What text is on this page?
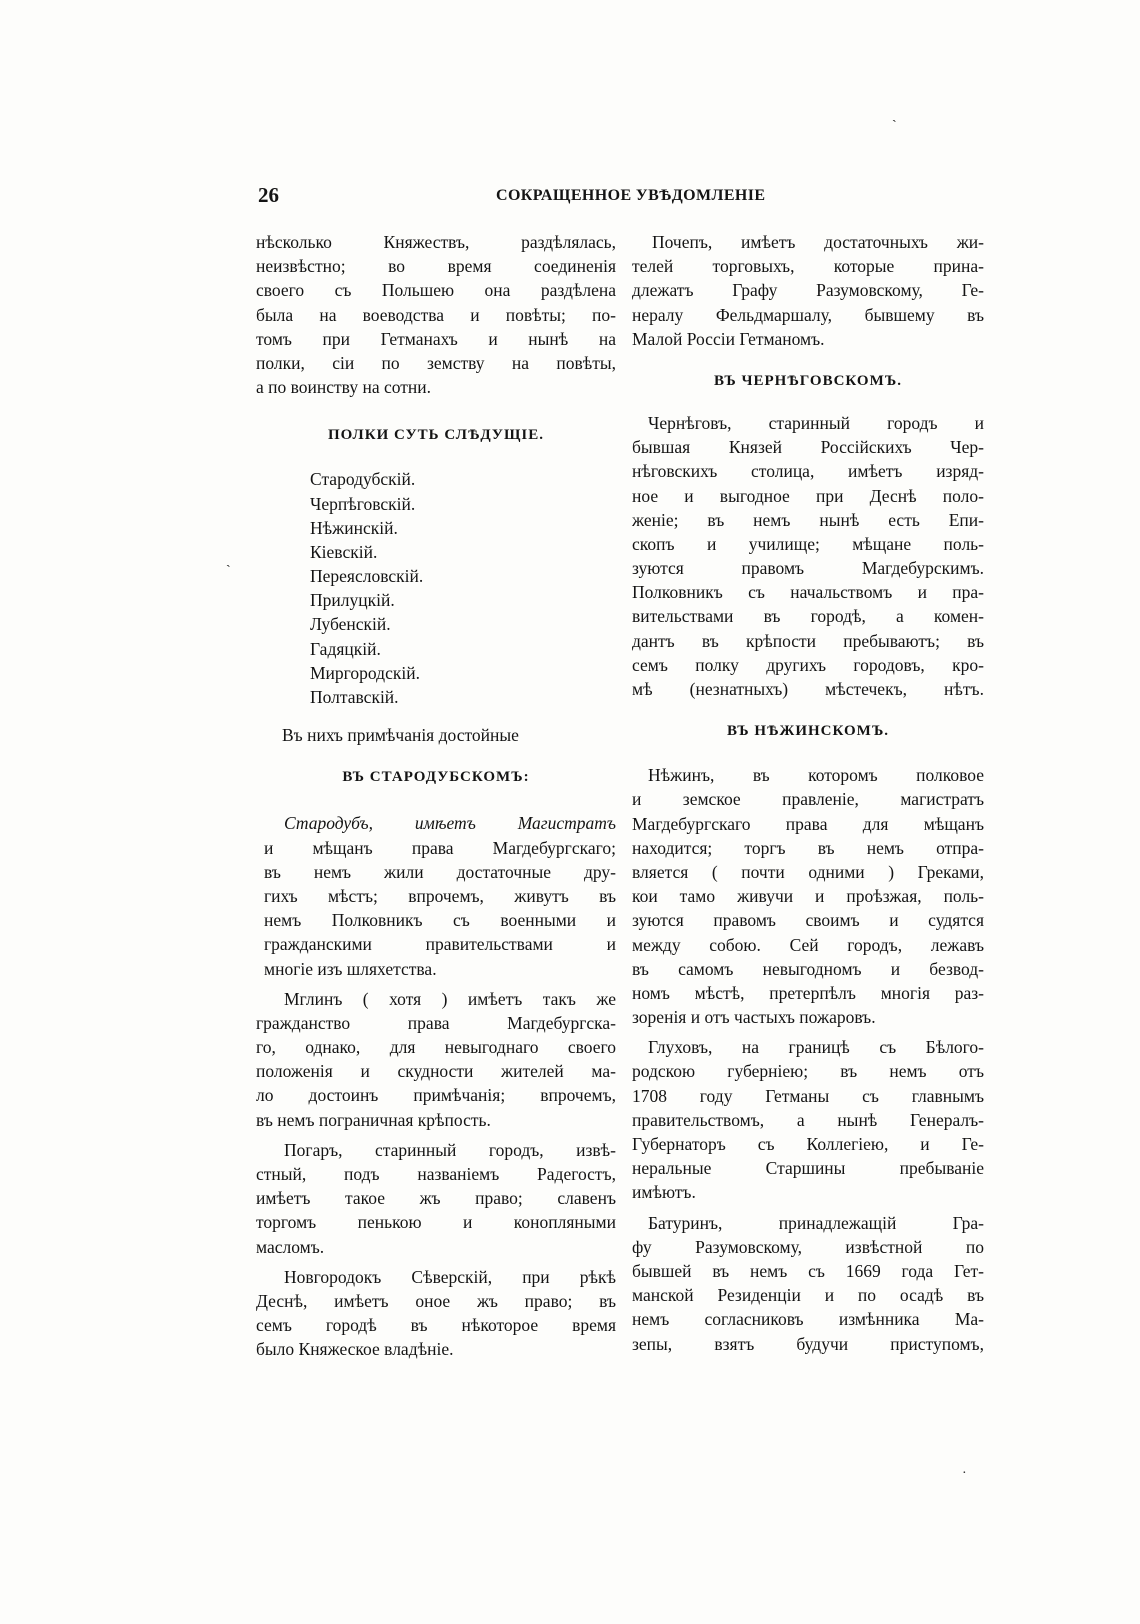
ˏ
ˏ
·
26	СОКРАЩЕННОЕ УВѢДОМЛЕНІЕ
нѣсколько Княжествъ, раздѣлялась,
неизвѣстно; во время соединенія
своего съ Польшею она раздѣлена
была на воеводства и повѣты; по-
томъ при Гетманахъ и нынѣ на
полки, сіи по земству на повѣты,
а по воинству на сотни.
ПОЛКИ СУТЬ СЛѢДУЩІЕ.
Стародубскій.
Черпѣговскій.
Нѣжинскій.
Кіевскій.
Переясловскій.
Прилуцкій.
Лубенскій.
Гадяцкій.
Миргородскій.
Полтавскій.
Въ нихъ примѣчанія достойные
ВЪ СТАРОДУБСКОМЪ:
Стародубъ, имѣетъ Магистратъ
и мѣщанъ права Магдебургскаго;
въ немъ жили достаточные дру-
гихъ мѣстъ; впрочемъ, живутъ въ
немъ Полковникъ съ военными и
гражданскими правительствами и
многіе изъ шляхетства.
Мглинъ ( хотя ) имѣетъ такъ же
гражданство права Магдебургска-
го, однако, для невыгоднаго своего
положенія и скудности жителей ма-
ло достоинъ примѣчанія; впрочемъ,
въ немъ пограничная крѣпость.
Погаръ, старинный городъ, извѣ-
стный, подъ названіемъ Радегостъ,
имѣетъ такое жъ право; славенъ
торгомъ пенькою и конопляными
масломъ.
Новгородокъ Сѣверскій, при рѣкѣ
Деснѣ, имѣетъ оное жъ право; въ
семъ городѣ въ нѣкоторое время
было Княжеское владѣніе.
Почепъ, имѣетъ достаточныхъ жи-
телей торговыхъ, которые прина-
длежатъ Графу Разумовскому, Ге-
нералу Фельдмаршалу, бывшему въ
Малой Россіи Гетманомъ.
ВЪ ЧЕРНѢГОВСКОМЪ.
Чернѣговъ, старинный городъ и
бывшая Князей Россійскихъ Чер-
нѣговскихъ столица, имѣетъ изряд-
ное и выгодное при Деснѣ поло-
женіе; въ немъ нынѣ есть Епи-
скопъ и училище; мѣщане поль-
зуются правомъ Магдебурскимъ.
Полковникъ съ начальствомъ и пра-
вительствами въ городѣ, а комен-
дантъ въ крѣпости пребываютъ; въ
семъ полку другихъ городовъ, кро-
мѣ (незнатныхъ) мѣстечекъ, нѣтъ.
ВЪ НѢЖИНСКОМЪ.
Нѣжинъ, въ которомъ полковое
и земское правленіе, магистратъ
Магдебургскаго права для мѣщанъ
находится; торгъ въ немъ отпра-
вляется ( почти одними ) Греками,
кои тамо живучи и проѣзжая, поль-
зуются правомъ своимъ и судятся
между собою. Сей городъ, лежавъ
въ самомъ невыгодномъ и безвод-
номъ мѣстѣ, претерпѣлъ многія раз-
зоренія и отъ частыхъ пожаровъ.
Глуховъ, на границѣ съ Бѣлого-
родскою губерніею; въ немъ отъ
1708 году Гетманы съ главнымъ
правительствомъ, а нынѣ Генералъ-
Губернаторъ съ Коллегіею, и Ге-
неральные Старшины пребываніе
имѣютъ.
Батуринъ, принадлежащій Гра-
фу Разумовскому, извѣстной по
бывшей въ немъ съ 1669 года Гет-
манской Резиденціи и по осадѣ въ
немъ согласниковъ измѣнника Ма-
зепы, взятъ будучи приступомъ,
